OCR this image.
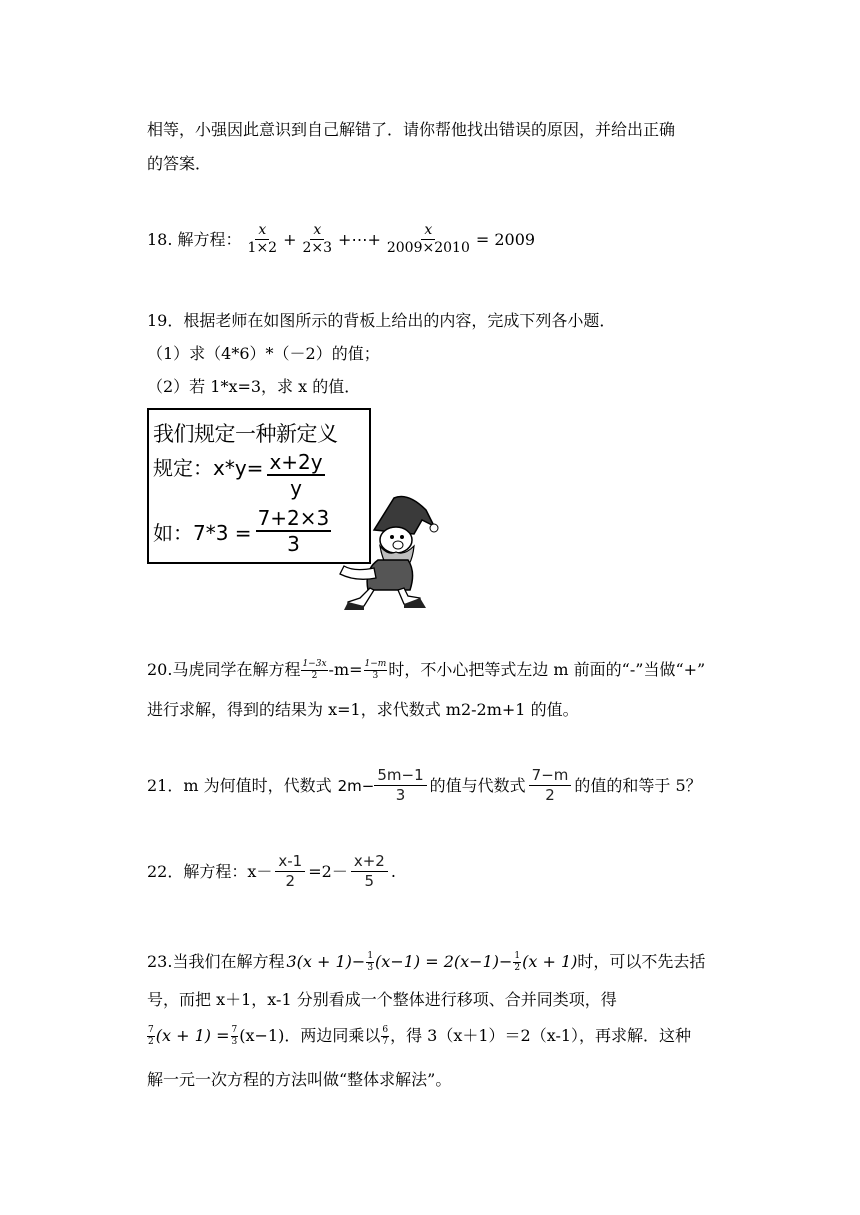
相等，小强因此意识到自己解错了．请你帮他找出错误的原因，并给出正确
的答案．
18. 解方程： $\frac{x}{1\times 2} + \frac{x}{2\times 3}$ +⋯+ $\frac{x}{2009\times 2010} = 2009$
19．根据老师在如图所示的背板上给出的内容，完成下列各小题．
（1）求（4*6）*（－2）的值；
（2）若 1*x=3，求 x 的值．
我们规定一种新定义
规定：$x*y= \frac{x+2y}{y}$
如：$7*3 = \frac{7+2\times 3}{3}$
20.马虎同学在解方程 $\frac{1-3x}{2} -m= \frac{1-m}{3}$ 时，不小心把等式左边 m 前面的“-”当做“+”
进行求解，得到的结果为 x=1，求代数式 m2-2m+1 的值。
21．m 为何值时，代数式 $2m- \frac{5m-1}{3}$ 的值与代数式 $\frac{7-m}{2}$ 的值的和等于 5？
22．解方程：$x- \frac{x-1}{2} =2- \frac{x+2}{5}$ .
23.当我们在解方程 $3(x + 1)- \frac{1}{3} (x-1) = 2(x-1)- \frac{1}{2} (x + 1)$ 时，可以不先去括
号，而把 x＋1，x-1 分别看成一个整体进行移项、合并同类项，得
$\frac{7}{2} (x + 1) = \frac{7}{3} (x-1)$．两边同乘以 $\frac{6}{7}$ ，得 3（x＋1）＝2（x-1），再求解．这种
解一元一次方程的方法叫做“整体求解法”。
